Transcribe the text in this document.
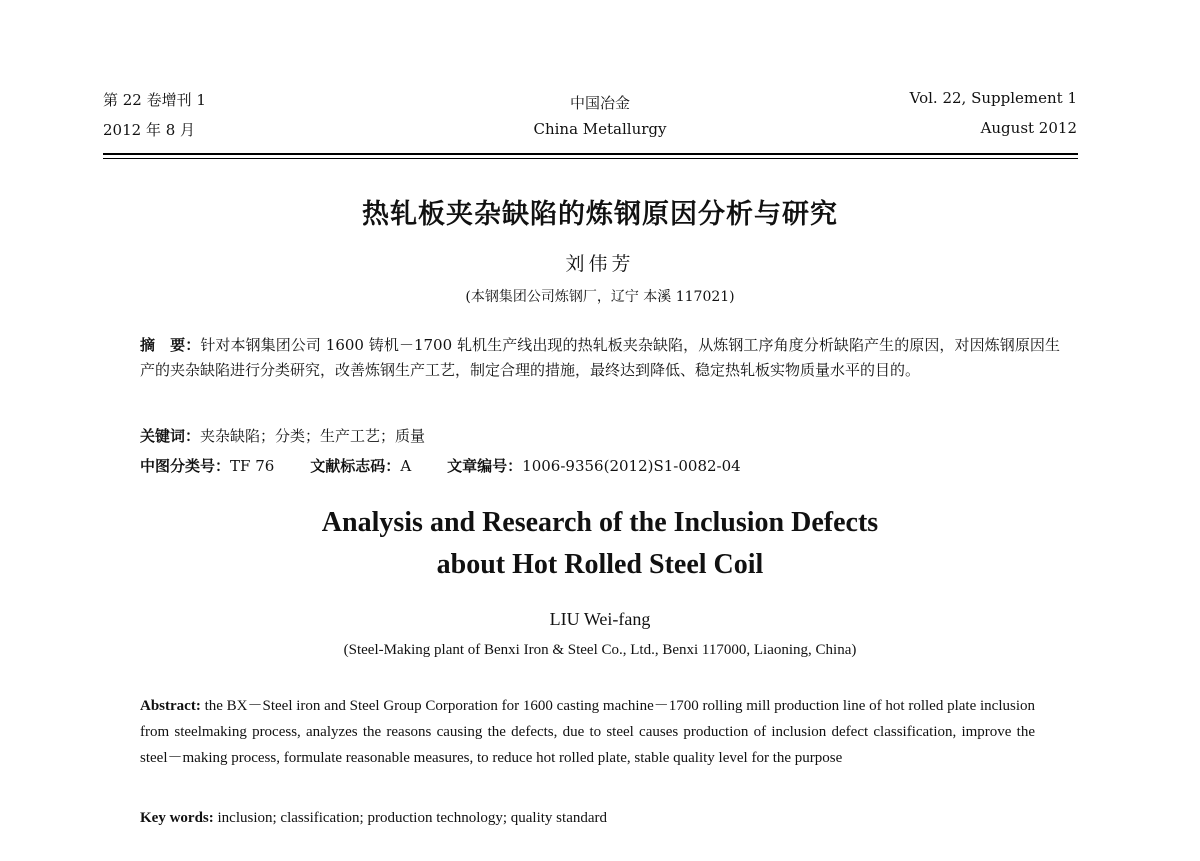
第 22 卷增刊 1
2012 年 8 月
中国冶金
China Metallurgy
Vol. 22, Supplement 1
August 2012
热轧板夹杂缺陷的炼钢原因分析与研究
刘伟芳
(本钢集团公司炼钢厂，辽宁 本溪 117021)
摘　要：针对本钢集团公司 1600 铸机－1700 轧机生产线出现的热轧板夹杂缺陷，从炼钢工序角度分析缺陷产生的原因，对因炼钢原因生产的夹杂缺陷进行分类研究，改善炼钢生产工艺，制定合理的措施，最终达到降低、稳定热轧板实物质量水平的目的。
关键词：夹杂缺陷；分类；生产工艺；质量
中图分类号：TF 76 文献标志码：A 文章编号：1006-9356(2012)S1-0082-04
Analysis and Research of the Inclusion Defects
about Hot Rolled Steel Coil
LIU Wei-fang
(Steel-Making plant of Benxi Iron & Steel Co., Ltd., Benxi 117000, Liaoning, China)
Abstract: the BX－Steel iron and Steel Group Corporation for 1600 casting machine－1700 rolling mill production line of hot rolled plate inclusion from steelmaking process, analyzes the reasons causing the defects, due to steel causes production of inclusion defect classification, improve the steel－making process, formulate reasonable measures, to reduce hot rolled plate, stable quality level for the purpose
Key words: inclusion; classification; production technology; quality standard
